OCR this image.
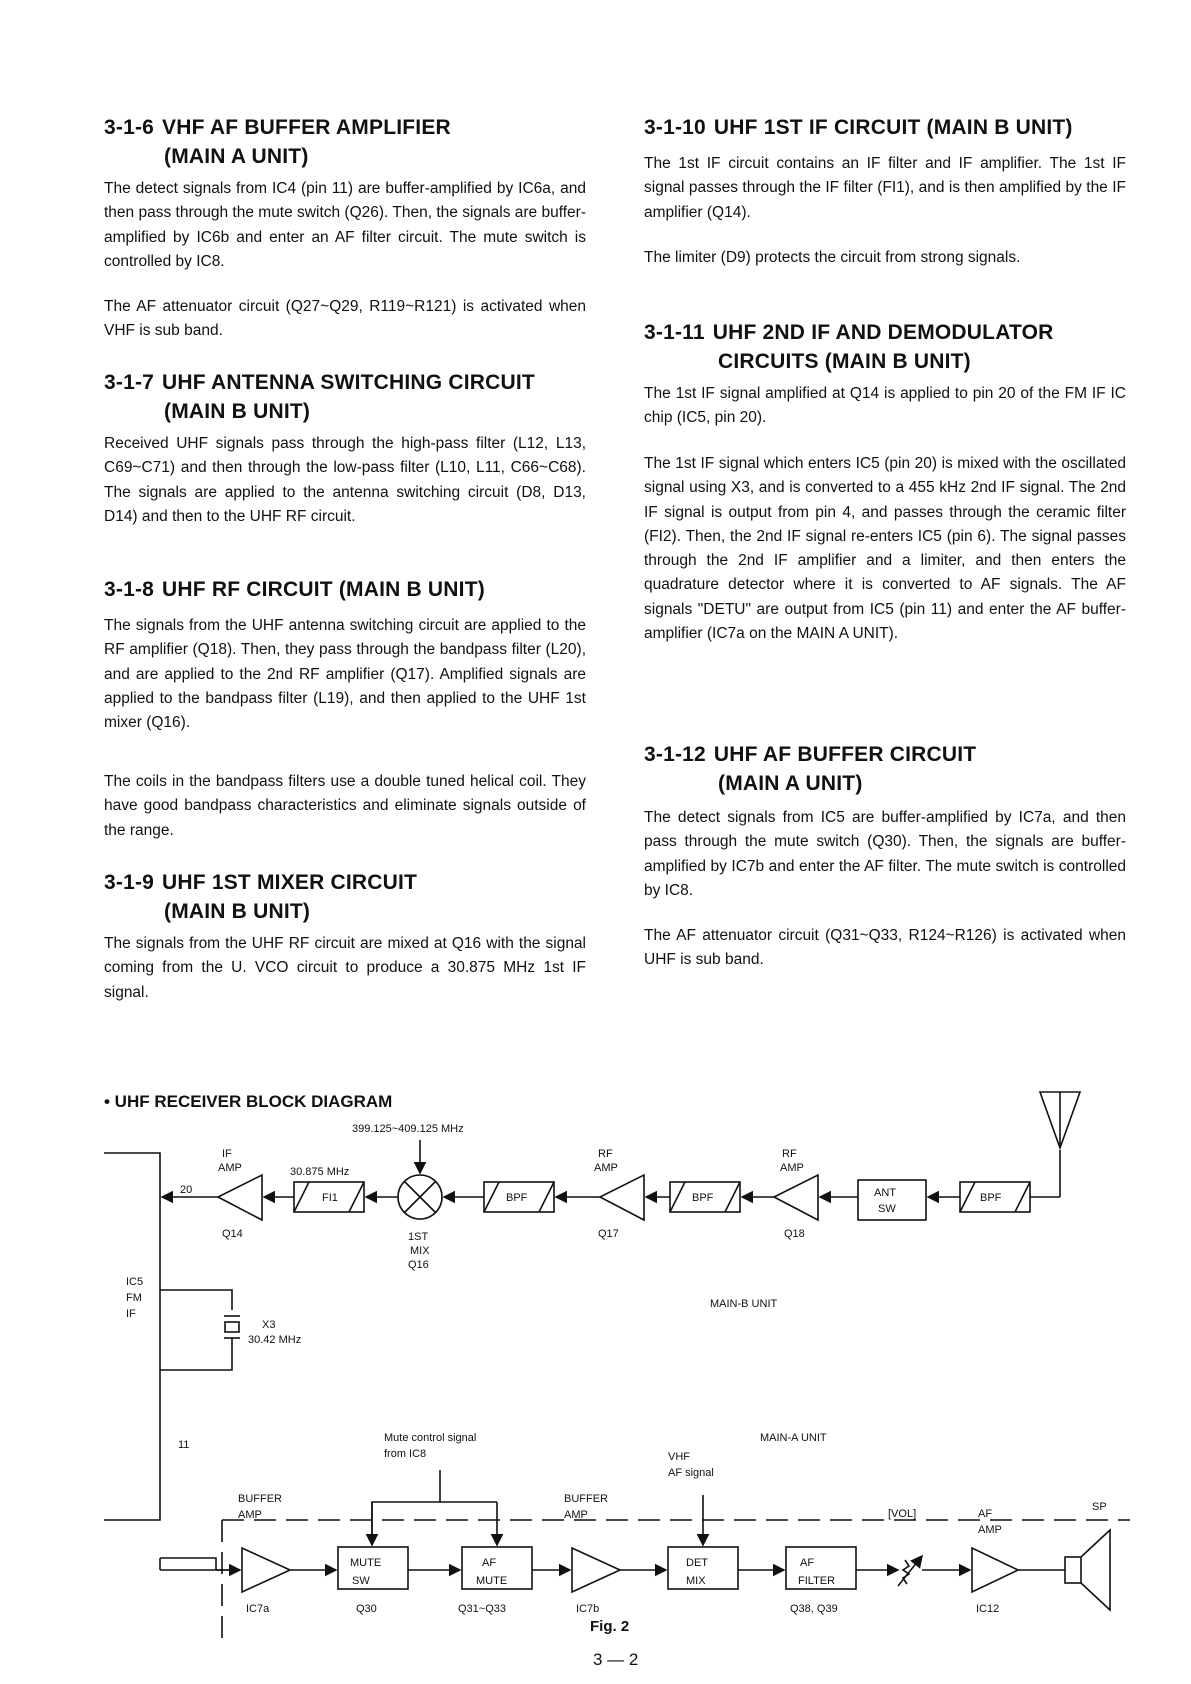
3-1-6 VHF AF BUFFER AMPLIFIER
(MAIN A UNIT)
The detect signals from IC4 (pin 11) are buffer-amplified by IC6a, and then pass through the mute switch (Q26). Then, the signals are buffer-amplified by IC6b and enter an AF filter circuit. The mute switch is controlled by IC8.
The AF attenuator circuit (Q27~Q29, R119~R121) is activated when VHF is sub band.
3-1-7 UHF ANTENNA SWITCHING CIRCUIT
(MAIN B UNIT)
Received UHF signals pass through the high-pass filter (L12, L13, C69~C71) and then through the low-pass filter (L10, L11, C66~C68). The signals are applied to the antenna switching circuit (D8, D13, D14) and then to the UHF RF circuit.
3-1-8 UHF RF CIRCUIT (MAIN B UNIT)
The signals from the UHF antenna switching circuit are applied to the RF amplifier (Q18). Then, they pass through the bandpass filter (L20), and are applied to the 2nd RF amplifier (Q17). Amplified signals are applied to the bandpass filter (L19), and then applied to the UHF 1st mixer (Q16).
The coils in the bandpass filters use a double tuned helical coil. They have good bandpass characteristics and eliminate signals outside of the range.
3-1-9 UHF 1ST MIXER CIRCUIT
(MAIN B UNIT)
The signals from the UHF RF circuit are mixed at Q16 with the signal coming from the U. VCO circuit to produce a 30.875 MHz 1st IF signal.
3-1-10 UHF 1ST IF CIRCUIT (MAIN B UNIT)
The 1st IF circuit contains an IF filter and IF amplifier. The 1st IF signal passes through the IF filter (FI1), and is then amplified by the IF amplifier (Q14).
The limiter (D9) protects the circuit from strong signals.
3-1-11 UHF 2ND IF AND DEMODULATOR
CIRCUITS (MAIN B UNIT)
The 1st IF signal amplified at Q14 is applied to pin 20 of the FM IF IC chip (IC5, pin 20).
The 1st IF signal which enters IC5 (pin 20) is mixed with the oscillated signal using X3, and is converted to a 455 kHz 2nd IF signal. The 2nd IF signal is output from pin 4, and passes through the ceramic filter (FI2). Then, the 2nd IF signal re-enters IC5 (pin 6). The signal passes through the 2nd IF amplifier and a limiter, and then enters the quadrature detector where it is converted to AF signals. The AF signals "DETU" are output from IC5 (pin 11) and enter the AF buffer-amplifier (IC7a on the MAIN A UNIT).
3-1-12 UHF AF BUFFER CIRCUIT
(MAIN A UNIT)
The detect signals from IC5 are buffer-amplified by IC7a, and then pass through the mute switch (Q30). Then, the signals are buffer-amplified by IC7b and enter the AF filter. The mute switch is controlled by IC8.
The AF attenuator circuit (Q31~Q33, R124~R126) is activated when UHF is sub band.
• UHF RECEIVER BLOCK DIAGRAM
399.125~409.125 MHz
30.875 MHz
20
IF
AMP
Q14
FI1
1ST
MIX
Q16
BPF
RF
AMP
Q17
BPF
RF
AMP
Q18
ANT
SW
BPF
IC5
FM
IF
X3
30.42 MHz
MAIN-B UNIT
11
Mute control signal
from IC8
MAIN-A UNIT
VHF
AF signal
BUFFER
AMP
IC7a
MUTE
SW
Q30
AF
MUTE
Q31~Q33
BUFFER
AMP
IC7b
DET
MIX
AF
FILTER
Q38, Q39
[VOL]	AF
AMP
IC12
SP
Fig. 2
3 — 2
